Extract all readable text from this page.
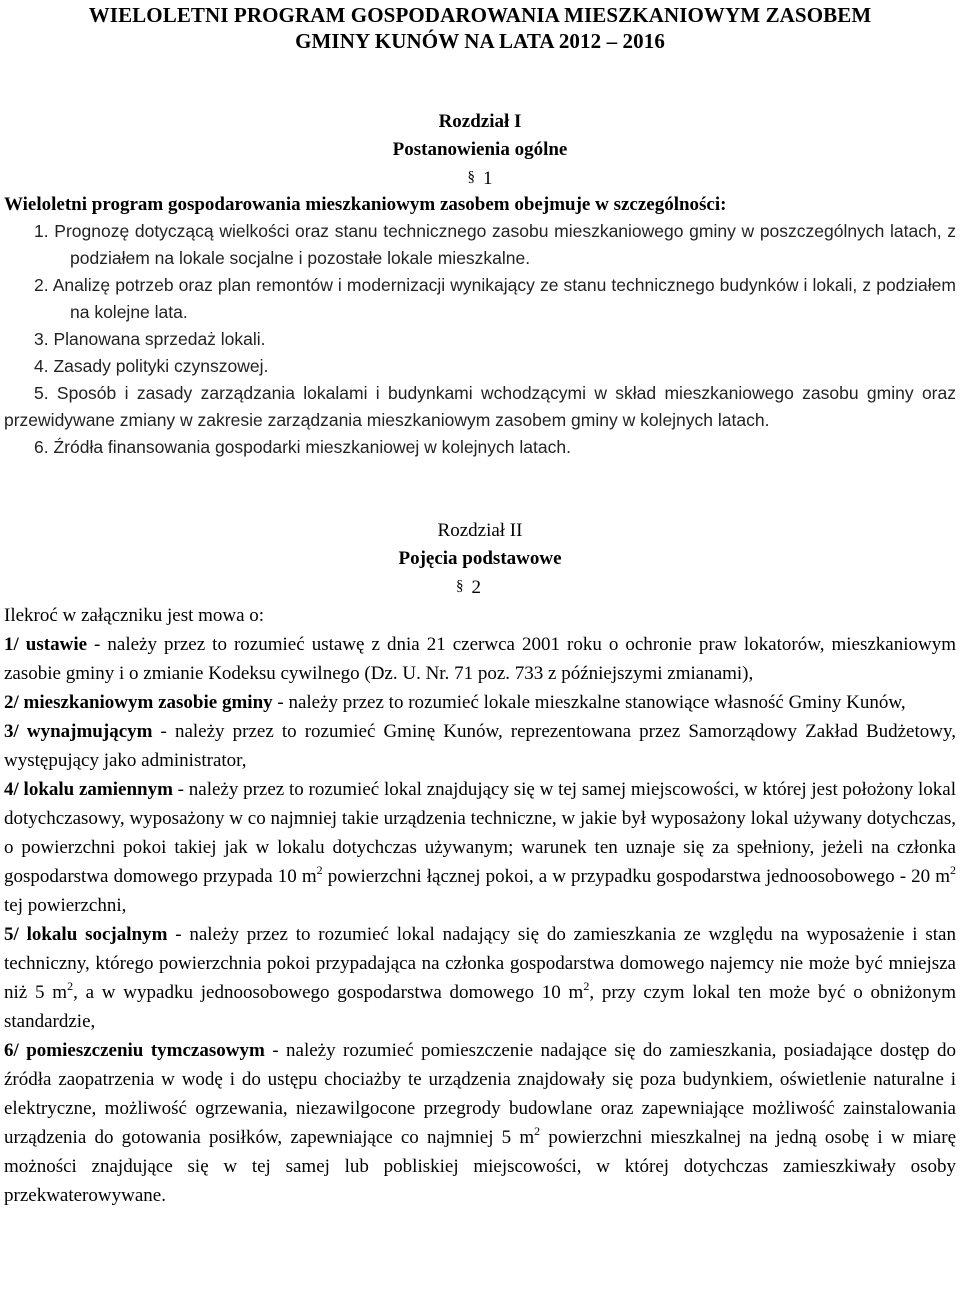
WIELOLETNI PROGRAM GOSPODAROWANIA MIESZKANIOWYM ZASOBEM
GMINY KUNÓW NA LATA 2012 – 2016
Rozdział I
Postanowienia ogólne
§ 1
Wieloletni program gospodarowania mieszkaniowym zasobem obejmuje w szczególności:
1. Prognozę dotyczącą wielkości oraz stanu technicznego zasobu mieszkaniowego gminy w poszczególnych latach, z podziałem na lokale socjalne i pozostałe lokale mieszkalne.
2. Analizę potrzeb oraz plan remontów i modernizacji wynikający ze stanu technicznego budynków i lokali, z podziałem na kolejne lata.
3. Planowana sprzedaż lokali.
4. Zasady polityki czynszowej.
5. Sposób i zasady zarządzania lokalami i budynkami wchodzącymi w skład mieszkaniowego zasobu gminy oraz przewidywane zmiany w zakresie zarządzania mieszkaniowym zasobem gminy w kolejnych latach.
6. Źródła finansowania gospodarki mieszkaniowej w kolejnych latach.
Rozdział II
Pojęcia podstawowe
§ 2
Ilekroć w załączniku jest mowa o:
1/ ustawie - należy przez to rozumieć ustawę z dnia 21 czerwca 2001 roku o ochronie praw lokatorów, mieszkaniowym zasobie gminy i o zmianie Kodeksu cywilnego (Dz. U. Nr. 71 poz. 733 z późniejszymi zmianami),
2/ mieszkaniowym zasobie gminy - należy przez to rozumieć lokale mieszkalne stanowiące własność Gminy Kunów,
3/ wynajmującym - należy przez to rozumieć Gminę Kunów, reprezentowana przez Samorządowy Zakład Budżetowy, występujący jako administrator,
4/ lokalu zamiennym - należy przez to rozumieć lokal znajdujący się w tej samej miejscowości, w której jest położony lokal dotychczasowy, wyposażony w co najmniej takie urządzenia techniczne, w jakie był wyposażony lokal używany dotychczas, o powierzchni pokoi takiej jak w lokalu dotychczas używanym; warunek ten uznaje się za spełniony, jeżeli na członka gospodarstwa domowego przypada 10 $m^2$ powierzchni łącznej pokoi, a w przypadku gospodarstwa jednoosobowego - 20 $m^2$ tej powierzchni,
5/ lokalu socjalnym - należy przez to rozumieć lokal nadający się do zamieszkania ze względu na wyposażenie i stan techniczny, którego powierzchnia pokoi przypadająca na członka gospodarstwa domowego najemcy nie może być mniejsza niż 5 $m^2$, a w wypadku jednoosobowego gospodarstwa domowego 10 $m^2$, przy czym lokal ten może być o obniżonym standardzie,
6/ pomieszczeniu tymczasowym - należy rozumieć pomieszczenie nadające się do zamieszkania, posiadające dostęp do źródła zaopatrzenia w wodę i do ustępu chociażby te urządzenia znajdowały się poza budynkiem, oświetlenie naturalne i elektryczne, możliwość ogrzewania, niezawilgocone przegrody budowlane oraz zapewniające możliwość zainstalowania urządzenia do gotowania posiłków, zapewniające co najmniej 5 $m^2$ powierzchni mieszkalnej na jedną osobę i w miarę możności znajdujące się w tej samej lub pobliskiej miejscowości, w której dotychczas zamieszkiwały osoby przekwaterowywane.
